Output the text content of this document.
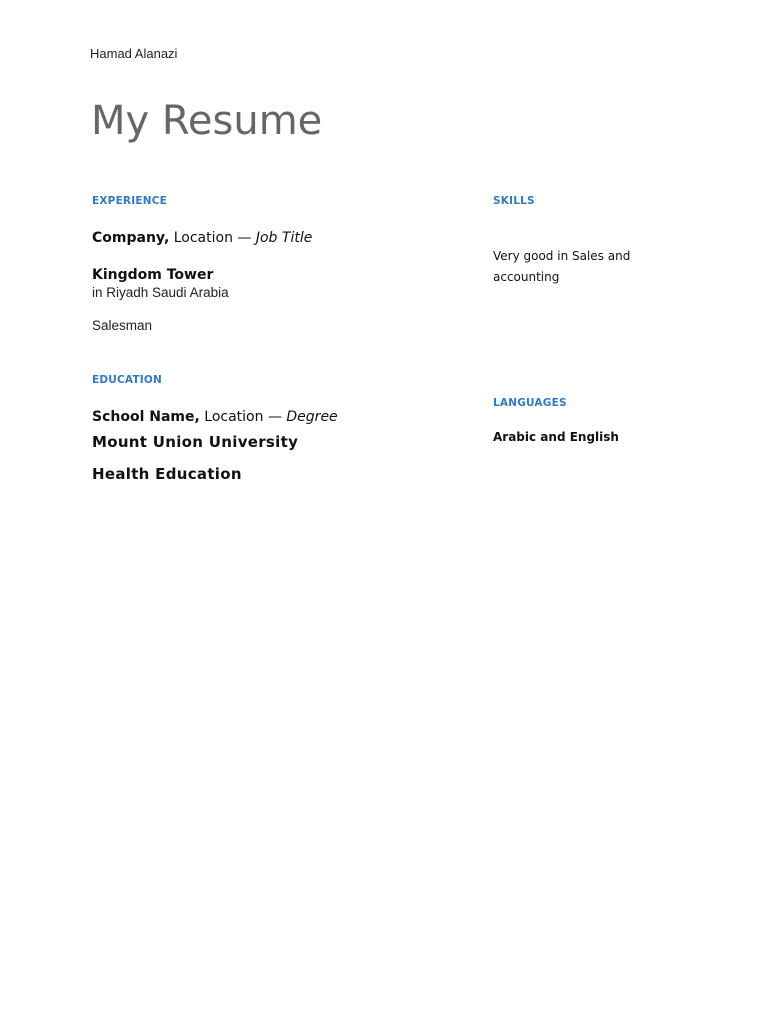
Hamad Alanazi
My Resume
EXPERIENCE
Company, Location — Job Title
Kingdom Tower
in Riyadh Saudi Arabia
Salesman
EDUCATION
School Name, Location — Degree
Mount Union University
Health Education
SKILLS
Very good in Sales and accounting
LANGUAGES
Arabic and English
